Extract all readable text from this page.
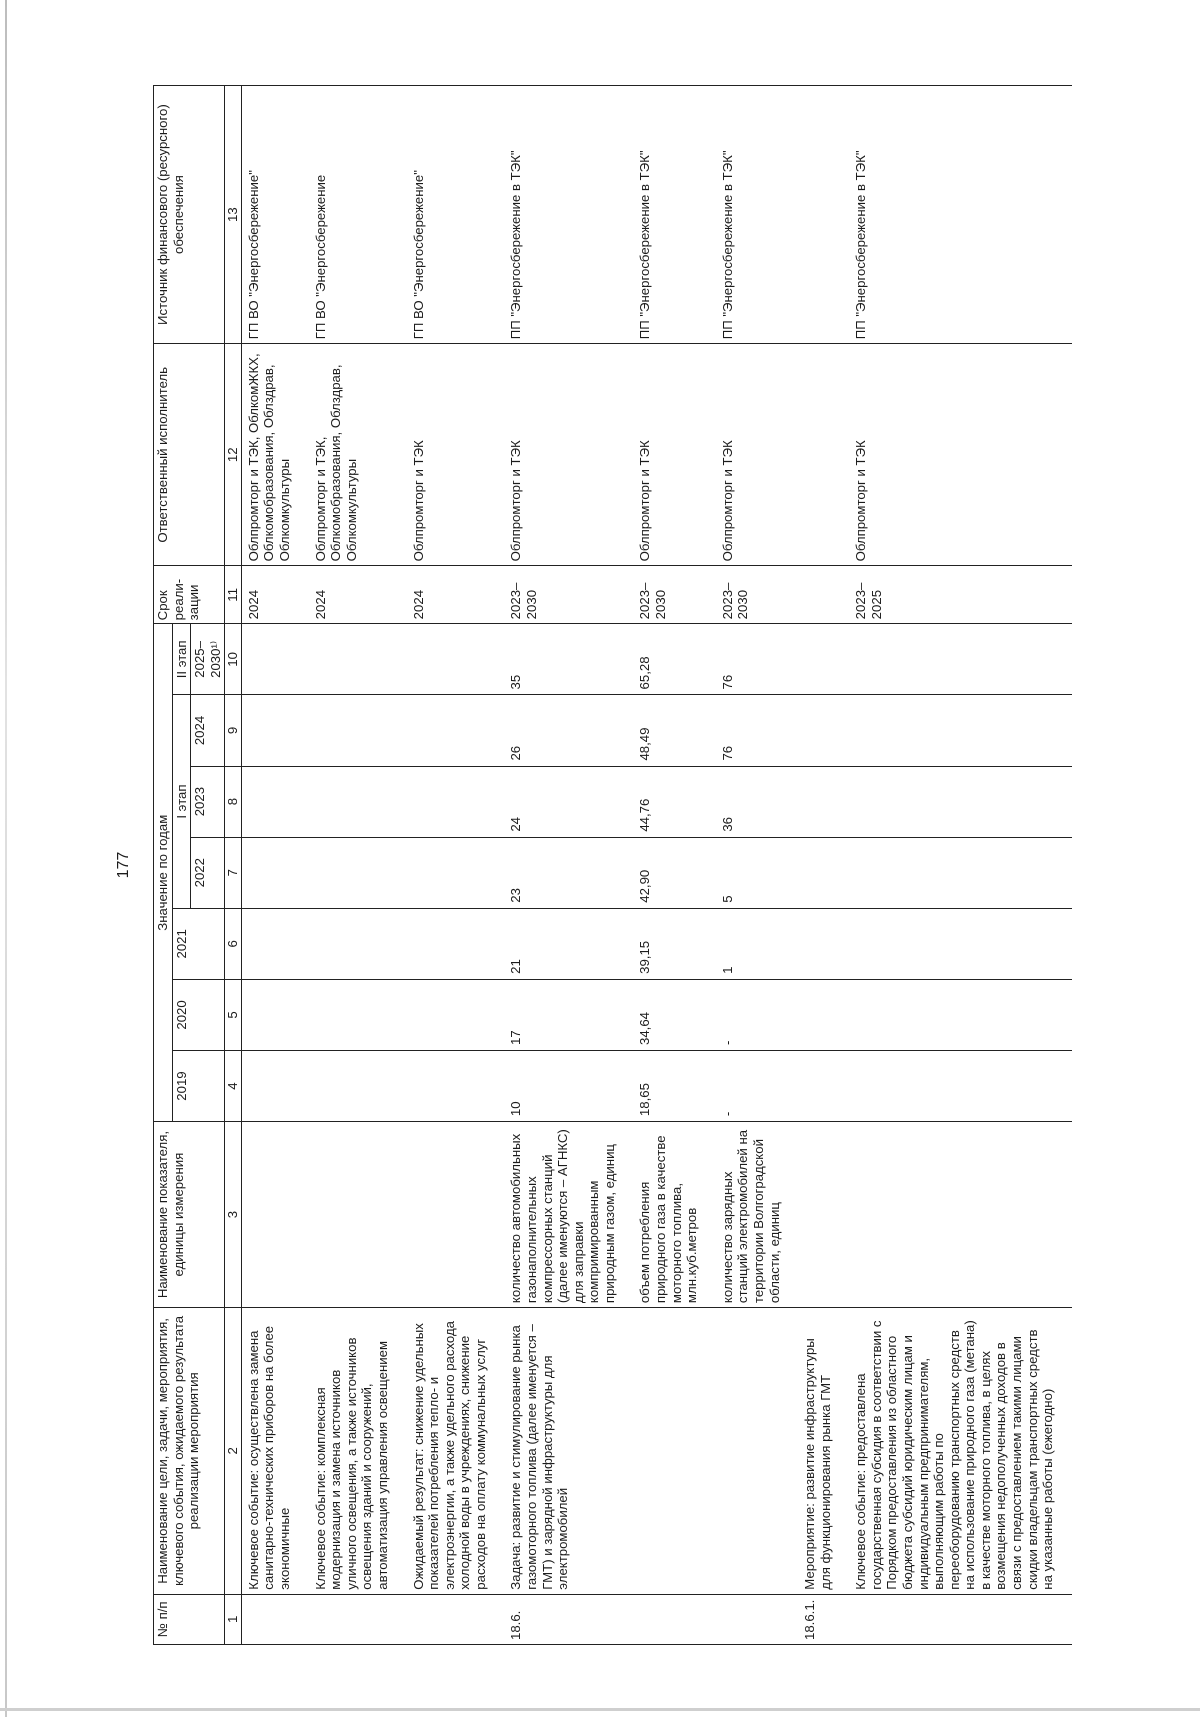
177
№ п/п	Наименование цели, задачи, мероприятия, ключевого события, ожидаемого результата реализации мероприятия	Наименование показателя, единицы измерения	Значение по годам							Срок реали-зации	Ответственный исполнитель	Источник финансового (ресурсного) обеспечения
			2019	2020	2021	I этап			II этап			
						2022	2023	2024	2025–2030¹⁾			
1	2	3	4	5	6	7	8	9	10	11	12	13
	Ключевое событие: осуществлена замена санитарно-технических приборов на более экономичные									2024	Облпромторг и ТЭК, ОблкомЖКХ, Облкомобразования, Облздрав, Облкомкультуры	ГП ВО "Энергосбережение"
	Ключевое событие: комплексная модернизация и замена источников уличного освещения, а также источников освещения зданий и сооружений, автоматизация управления освещением									2024	Облпромторг и ТЭК, Облкомобразования, Облздрав, Облкомкультуры	ГП ВО "Энергосбережение
	Ожидаемый результат: снижение удельных показателей потребления тепло- и электроэнергии, а также удельного расхода холодной воды в учреждениях, снижение расходов на оплату коммунальных услуг									2024	Облпромторг и ТЭК	ГП ВО "Энергосбережение"
18.6.	Задача: развитие и стимулирование рынка газомоторного топлива (далее именуется – ГМТ) и зарядной инфраструктуры для электромобилей	количество автомобильных газонаполнительных компрессорных станций (далее именуются – АГНКС) для заправки компримированным природным газом, единиц	10	17	21	23	24	26	35	2023–2030	Облпромторг и ТЭК	ПП "Энергосбережение в ТЭК"
		объем потребления природного газа в качестве моторного топлива, млн.куб.метров	18,65	34,64	39,15	42,90	44,76	48,49	65,28	2023–2030	Облпромторг и ТЭК	ПП "Энергосбережение в ТЭК"
		количество зарядных станций электромобилей на территории Волгоградской области, единиц	-	-	1	5	36	76	76	2023–2030	Облпромторг и ТЭК	ПП "Энергосбережение в ТЭК"
18.6.1.	Мероприятие: развитие инфраструктуры для функционирования рынка ГМТ											
	Ключевое событие: предоставлена государственная субсидия в соответствии с Порядком предоставления из областного бюджета субсидий юридическим лицам и индивидуальным предпринимателям, выполняющим работы по переоборудованию транспортных средств на использование природного газа (метана) в качестве моторного топлива, в целях возмещения недополученных доходов в связи с предоставлением такими лицами скидки владельцам транспортных средств на указанные работы (ежегодно)									2023–2025	Облпромторг и ТЭК	ПП "Энергосбережение в ТЭК"
